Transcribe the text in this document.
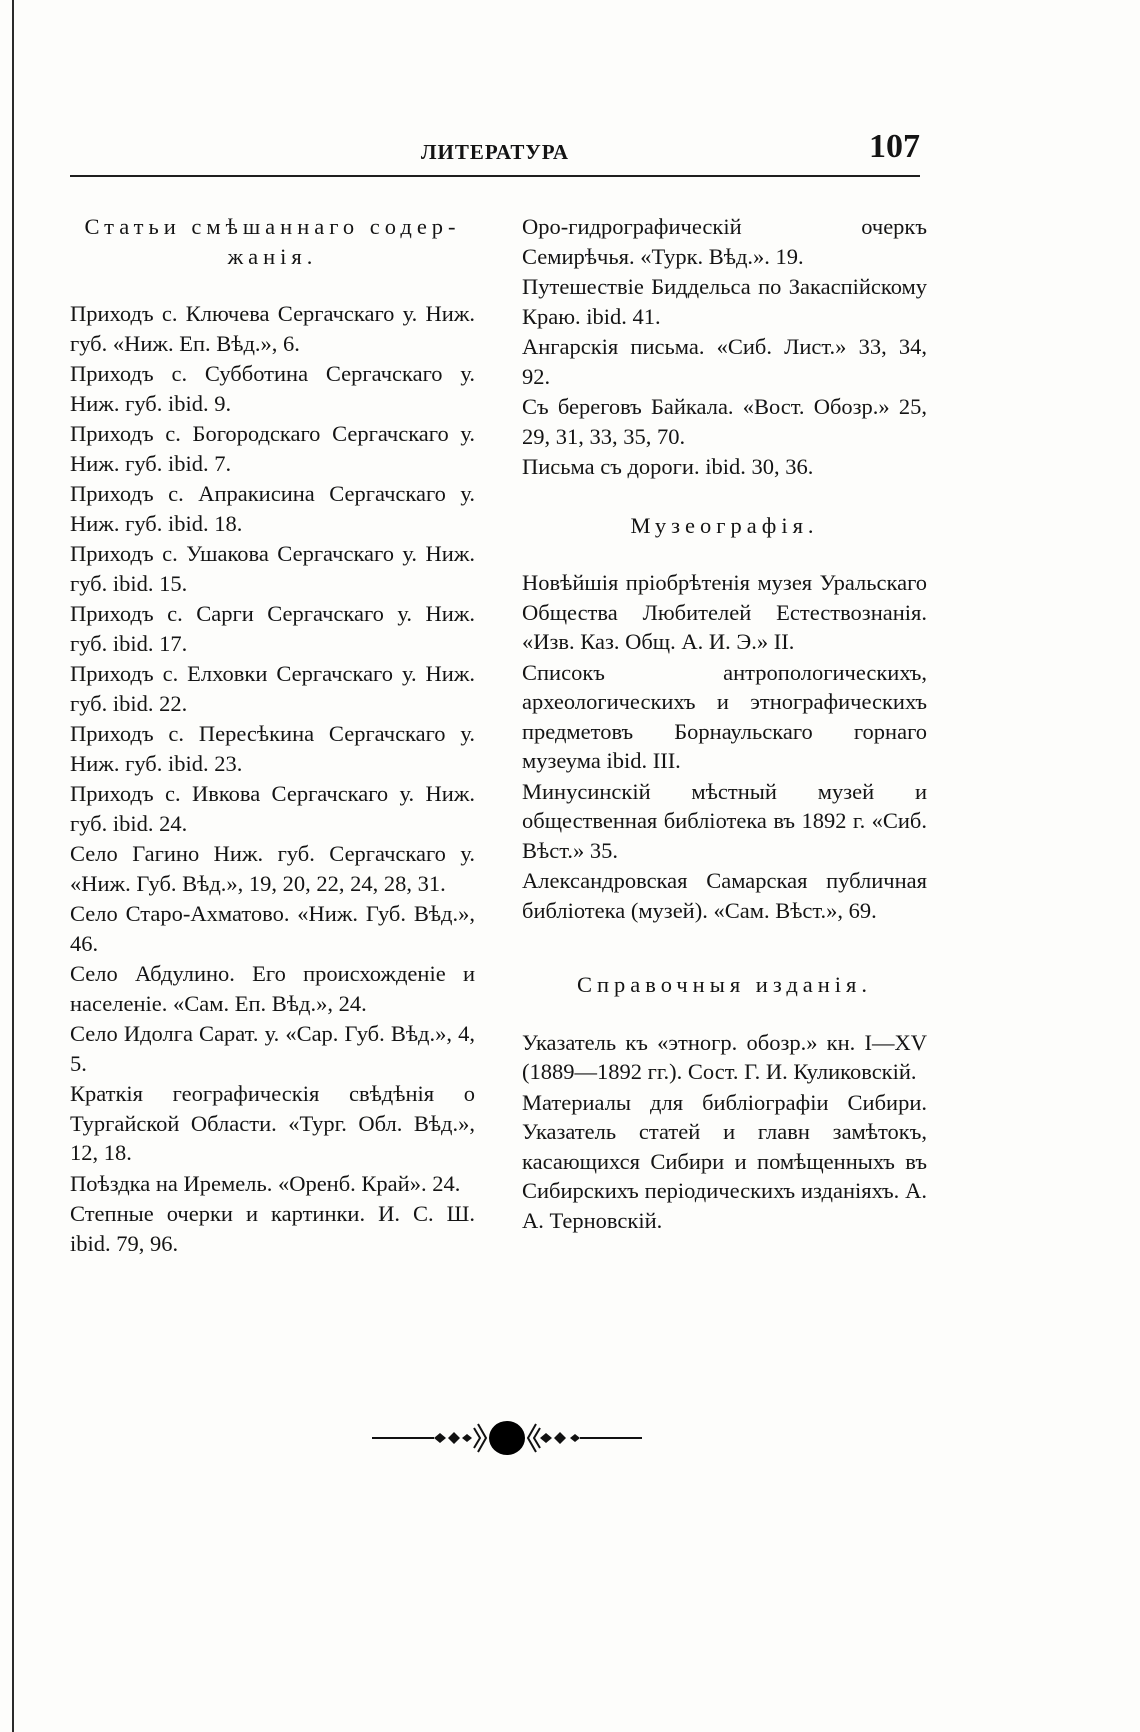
ЛИТЕРАТУРА	107
Статьи смѣшаннаго содер-жанія.

Приходъ с. Ключева Сергачскаго у. Ниж. губ. «Ниж. Еп. Вѣд.», 6.

Приходъ с. Субботина Сергачскаго у. Ниж. губ. ibid. 9.

Приходъ с. Богородскаго Сергачскаго у. Ниж. губ. ibid. 7.

Приходъ с. Апракисина Сергачскаго у. Ниж. губ. ibid. 18.

Приходъ с. Ушакова Сергачскаго у. Ниж. губ. ibid. 15.

Приходъ с. Сарги Сергачскаго у. Ниж. губ. ibid. 17.

Приходъ с. Елховки Сергачскаго у. Ниж. губ. ibid. 22.

Приходъ с. Пересѣкина Сергачскаго у. Ниж. губ. ibid. 23.

Приходъ с. Ивкова Сергачскаго у. Ниж. губ. ibid. 24.

Село Гагино Ниж. губ. Сергачскаго у. «Ниж. Губ. Вѣд.», 19, 20, 22, 24, 28, 31.

Село Старо-Ахматово. «Ниж. Губ. Вѣд.», 46.

Село Абдулино. Его происхожденіе и населеніе. «Сам. Еп. Вѣд.», 24.

Село Идолга Сарат. у. «Сар. Губ. Вѣд.», 4, 5.

Краткія географическія свѣдѣнія о Тургайской Области. «Тург. Обл. Вѣд.», 12, 18.

Поѣздка на Иремель. «Оренб. Край». 24.

Степные очерки и картинки. И. С. Ш. ibid. 79, 96.

Оро-гидрографическій очеркъ Семирѣчья. «Турк. Вѣд.». 19.

Путешествіе Биддельса по Закаспійскому Краю. ibid. 41.

Ангарскія письма. «Сиб. Лист.» 33, 34, 92.

Съ береговъ Байкала. «Вост. Обозр.» 25, 29, 31, 33, 35, 70.

Письма съ дороги. ibid. 30, 36.

Музеографія.

Новѣйшія пріобрѣтенія музея Уральскаго Общества Любителей Естествознанія. «Изв. Каз. Общ. А. И. Э.» II.

Списокъ антропологическихъ, археологическихъ и этнографическихъ предметовъ Борнаульскаго горнаго музеума ibid. III.

Минусинскій мѣстный музей и общественная библіотека въ 1892 г. «Сиб. Вѣст.» 35.

Александровская Самарская публичная библіотека (музей). «Сам. Вѣст.», 69.

Справочныя изданія.

Указатель къ «этногр. обозр.» кн. I—XV (1889—1892 гг.). Сост. Г. И. Куликовскій.

Материалы для библіографіи Сибири. Указатель статей и главн замѣтокъ, касающихся Сибири и помѣщенныхъ въ Сибирскихъ періодическихъ изданіяхъ. А. А. Терновскій.
